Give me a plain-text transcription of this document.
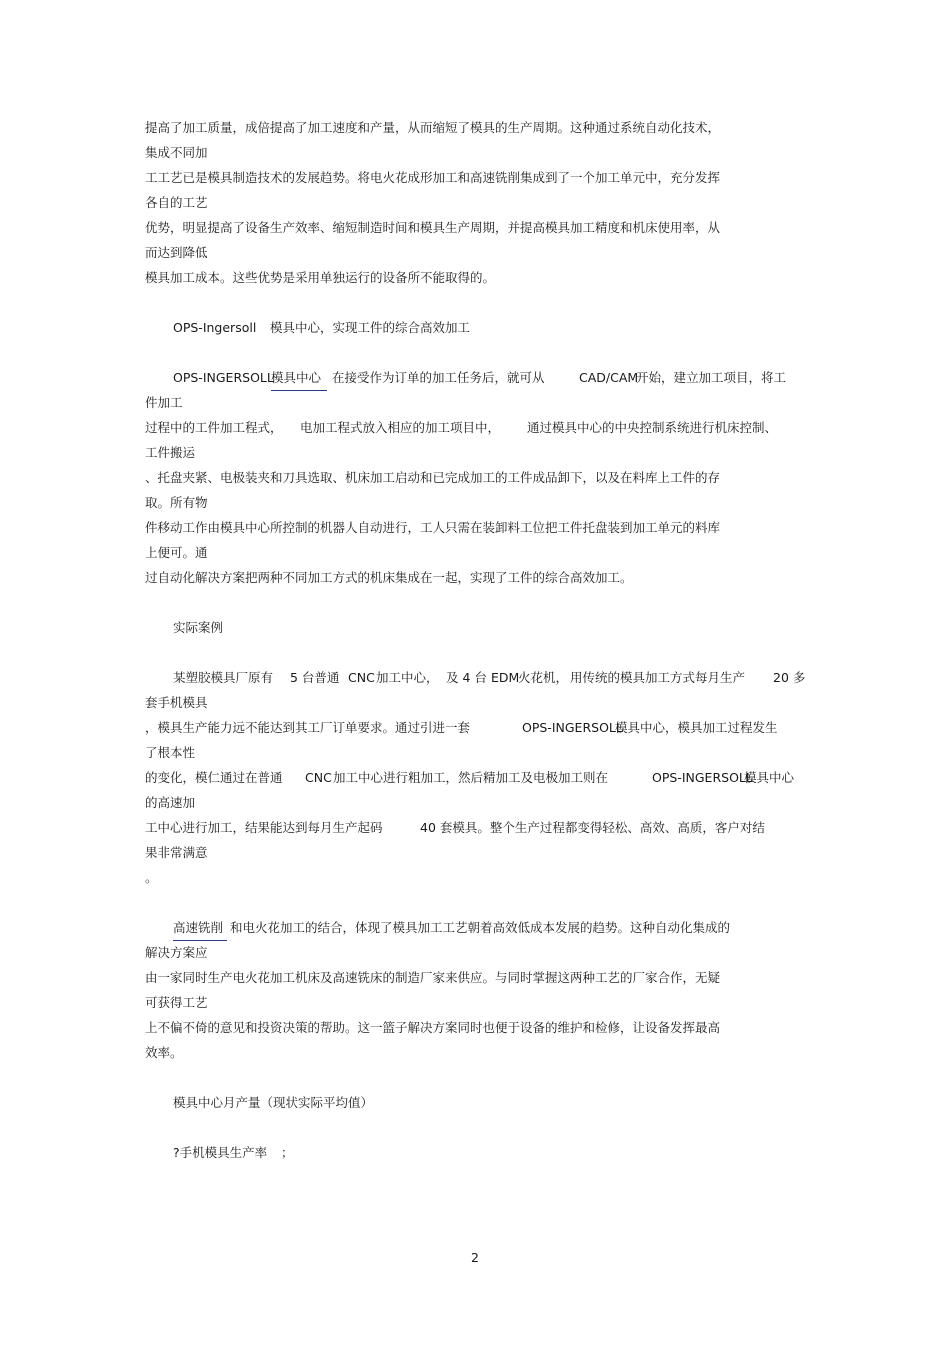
提高了加工质量，成倍提高了加工速度和产量，从而缩短了模具的生产周期。这种通过系统自动化技术，
集成不同加
工工艺已是模具制造技术的发展趋势。将电火花成形加工和高速铣削集成到了一个加工单元中，充分发挥
各自的工艺
优势，明显提高了设备生产效率、缩短制造时间和模具生产周期，并提高模具加工精度和机床使用率，从
而达到降低
模具加工成本。这些优势是采用单独运行的设备所不能取得的。
OPS-Ingersoll 模具中心，实现工件的综合高效加工
OPS-INGERSOLL
模具中心 在接受作为订单的加工任务后，就可从	CAD/CAM
开始，建立加工项目，将工
件加工
过程中的工件加工程式， 电加工程式放入相应的加工项目中， 通过模具中心的中央控制系统进行机床控制、
工件搬运
、托盘夹紧、电极装夹和刀具选取、机床加工启动和已完成加工的工件成品卸下，以及在料库上工件的存
取。所有物
件移动工作由模具中心所控制的机器人自动进行，工人只需在装卸料工位把工件托盘装到加工单元的料库
上便可。通
过自动化解决方案把两种不同加工方式的机床集成在一起，实现了工件的综合高效加工。
实际案例
某塑胶模具厂原有 5 台普通 CNC 加工中心， 及 4 台 EDM
火花机， 用传统的模具加工方式每月生产 20 多
套手机模具
，模具生产能力远不能达到其工厂订单要求。通过引进一套	OPS-INGERSOLL
模具中心，模具加工过程发生
了根本性
的变化，模仁通过在普通 CNC 加工中心进行粗加工，然后精加工及电极加工则在	OPS-INGERSOLL
模具中心
的高速加
工中心进行加工，结果能达到每月生产起码	40 套模具。整个生产过程都变得轻松、高效、高质，客户对结
果非常满意
。
高速铣削 和电火花加工的结合，体现了模具加工工艺朝着高效低成本发展的趋势。这种自动化集成的
解决方案应
由一家同时生产电火花加工机床及高速铣床的制造厂家来供应。与同时掌握这两种工艺的厂家合作，无疑
可获得工艺
上不偏不倚的意见和投资决策的帮助。这一篮子解决方案同时也便于设备的维护和检修，让设备发挥最高
效率。
模具中心月产量（现状实际平均值）
?手机模具生产率 ；
2
